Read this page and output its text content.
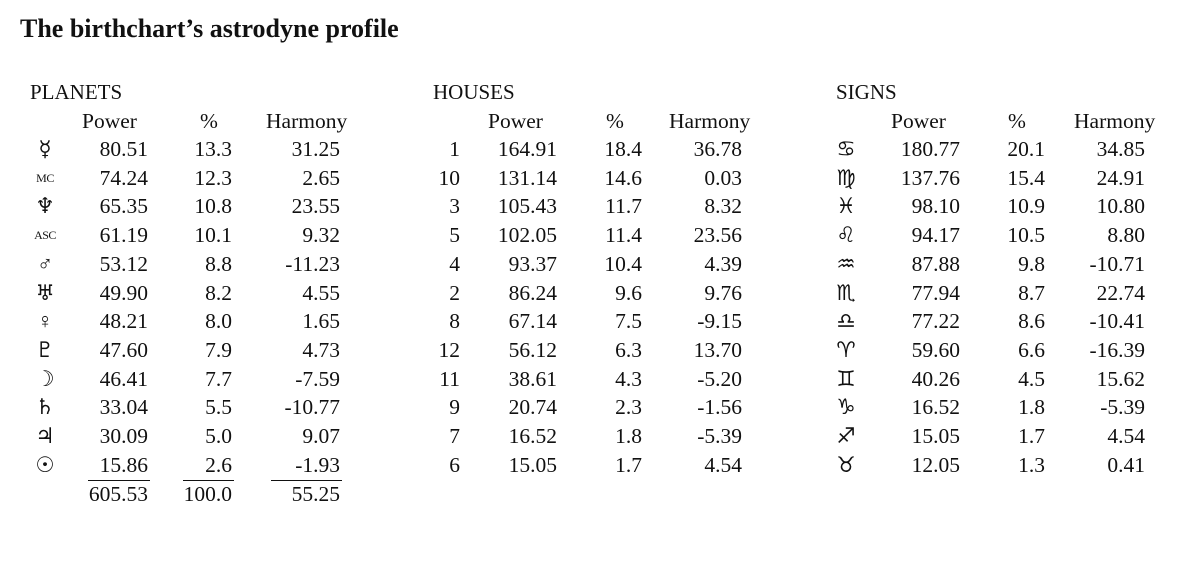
The birthchart’s astrodyne profile
PLANETS
Power	% Harmony
☿︎	80.51 13.3	31.25
MC 74.24 12.3	2.65
♆︎ 65.35 10.8	23.55
ASC 61.19 10.1	9.32
♂︎	53.12	8.8 -11.23
♅︎ 49.90	8.2	4.55
♀︎	48.21	8.0	1.65
♇︎ 47.60	7.9	4.73
☽︎ 46.41	7.7	-7.59
♄︎ 33.04	5.5 -10.77
♃︎ 30.09	5.0	9.07
☉︎ 15.86	2.6	-1.93
605.53 100.0	55.25
HOUSES
Power	% Harmony
1 164.91 18.4 36.78
10 131.14 14.6	0.03
3 105.43 11.7	8.32
5 102.05 11.4 23.56
4 93.37 10.4	4.39
2 86.24	9.6	9.76
8 67.14	7.5	-9.15
12 56.12	6.3 13.70
11 38.61	4.3	-5.20
9 20.74	2.3	-1.56
7 16.52	1.8	-5.39
6 15.05	1.7	4.54
SIGNS
Power	% Harmony
♋︎ 180.77 20.1 34.85
♍︎ 137.76 15.4 24.91
♓︎	98.10 10.9 10.80
♌︎	94.17 10.5	8.80
♒︎	87.88	9.8 -10.71
♏︎	77.94	8.7 22.74
♎︎	77.22	8.6 -10.41
♈︎	59.60	6.6 -16.39
♊︎	40.26	4.5 15.62
♑︎	16.52	1.8	-5.39
♐︎	15.05	1.7	4.54
♉︎	12.05	1.3	0.41
